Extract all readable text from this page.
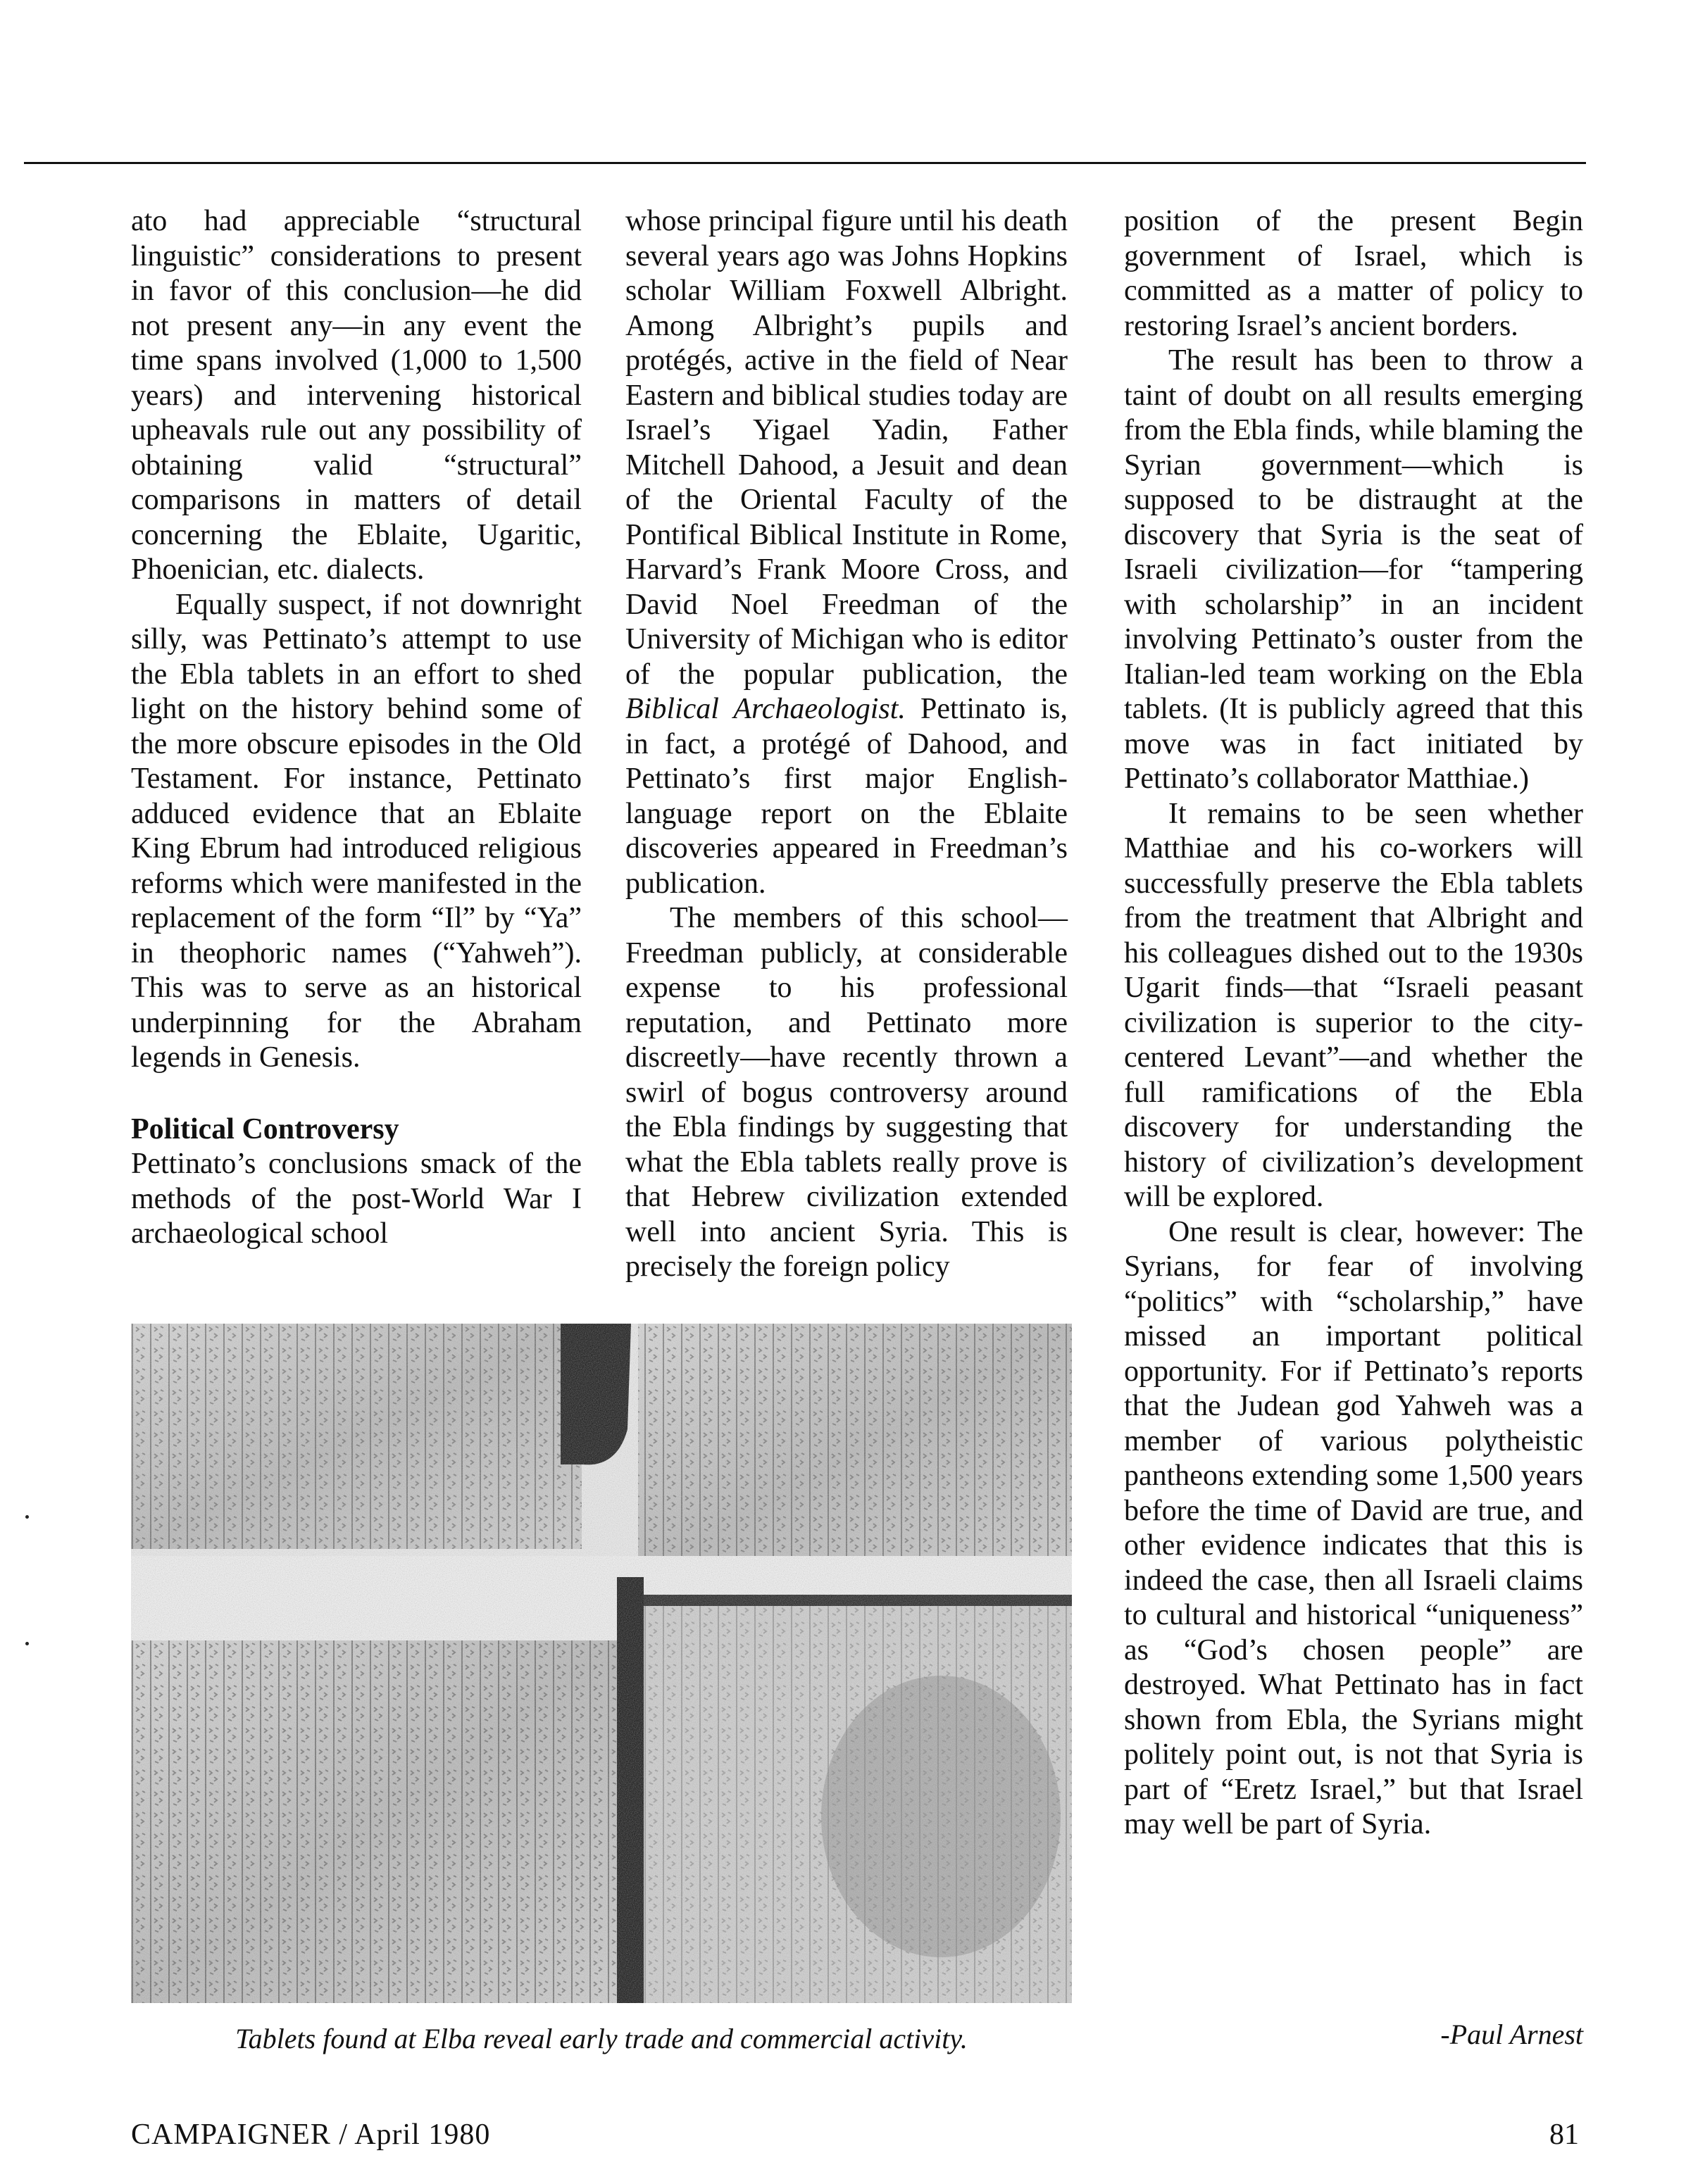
ato had appreciable “structural linguistic” considerations to present in favor of this conclusion—he did not present any—in any event the time spans involved (1,000 to 1,500 years) and intervening historical upheavals rule out any possibility of obtaining valid “structural” comparisons in matters of detail concerning the Eblaite, Ugaritic, Phoenician, etc. dialects.

Equally suspect, if not downright silly, was Pettinato’s attempt to use the Ebla tablets in an effort to shed light on the history behind some of the more obscure episodes in the Old Testament. For instance, Pettinato adduced evidence that an Eblaite King Ebrum had introduced religious reforms which were manifested in the replacement of the form “Il” by “Ya” in theophoric names (“Yahweh”). This was to serve as an historical underpinning for the Abraham legends in Genesis.

Political Controversy

Pettinato’s conclusions smack of the methods of the post-World War I archaeological school

whose principal figure until his death several years ago was Johns Hopkins scholar William Foxwell Albright. Among Albright’s pupils and protégés, active in the field of Near Eastern and biblical studies today are Israel’s Yigael Yadin, Father Mitchell Dahood, a Jesuit and dean of the Oriental Faculty of the Pontifical Biblical Institute in Rome, Harvard’s Frank Moore Cross, and David Noel Freedman of the University of Michigan who is editor of the popular publication, the Biblical Archaeologist. Pettinato is, in fact, a protégé of Dahood, and Pettinato’s first major English-language report on the Eblaite discoveries appeared in Freedman’s publication.

The members of this school—Freedman publicly, at considerable expense to his professional reputation, and Pettinato more discreetly—have recently thrown a swirl of bogus controversy around the Ebla findings by suggesting that what the Ebla tablets really prove is that Hebrew civilization extended well into ancient Syria. This is precisely the foreign policy

position of the present Begin government of Israel, which is committed as a matter of policy to restoring Israel’s ancient borders.

The result has been to throw a taint of doubt on all results emerging from the Ebla finds, while blaming the Syrian government—which is supposed to be distraught at the discovery that Syria is the seat of Israeli civilization—for “tampering with scholarship” in an incident involving Pettinato’s ouster from the Italian-led team working on the Ebla tablets. (It is publicly agreed that this move was in fact initiated by Pettinato’s collaborator Matthiae.)

It remains to be seen whether Matthiae and his co-workers will successfully preserve the Ebla tablets from the treatment that Albright and his colleagues dished out to the 1930s Ugarit finds—that “Israeli peasant civilization is superior to the city-centered Levant”—and whether the full ramifications of the Ebla discovery for understanding the history of civilization’s development will be explored.

One result is clear, however: The Syrians, for fear of involving “politics” with “scholarship,” have missed an important political opportunity. For if Pettinato’s reports that the Judean god Yahweh was a member of various polytheistic pantheons extending some 1,500 years before the time of David are true, and other evidence indicates that this is indeed the case, then all Israeli claims to cultural and historical “uniqueness” as “God’s chosen people” are destroyed. What Pettinato has in fact shown from Ebla, the Syrians might politely point out, is not that Syria is part of “Eretz Israel,” but that Israel may well be part of Syria.

Tablets found at Elba reveal early trade and commercial activity.	-Paul Arnest
CAMPAIGNER / April 1980	81
